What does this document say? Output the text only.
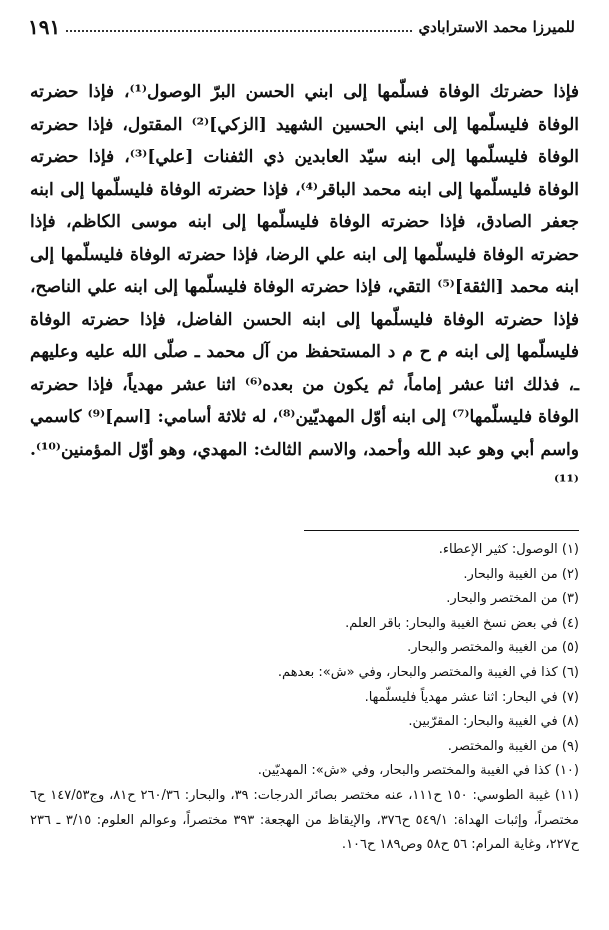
للميرزا محمد الاسترابادي
١٩١

فإذا حضرتك الوفاة فسلّمها إلى ابني الحسن البرّ الوصول⁽¹⁾، فإذا حضرته الوفاة فليسلّمها إلى ابني الحسين الشهيد [الزكي]⁽²⁾ المقتول، فإذا حضرته الوفاة فليسلّمها إلى ابنه سيّد العابدين ذي الثفنات [علي]⁽³⁾، فإذا حضرته الوفاة فليسلّمها إلى ابنه محمد الباقر⁽⁴⁾، فإذا حضرته الوفاة فليسلّمها إلى ابنه جعفر الصادق، فإذا حضرته الوفاة فليسلّمها إلى ابنه موسى الكاظم، فإذا حضرته الوفاة فليسلّمها إلى ابنه علي الرضا، فإذا حضرته الوفاة فليسلّمها إلى ابنه محمد [الثقة]⁽⁵⁾ التقي، فإذا حضرته الوفاة فليسلّمها إلى ابنه علي الناصح، فإذا حضرته الوفاة فليسلّمها إلى ابنه الحسن الفاضل، فإذا حضرته الوفاة فليسلّمها إلى ابنه م ح م د المستحفظ من آل محمد ـ صلّى الله عليه وعليهم ـ، فذلك اثنا عشر إماماً، ثم يكون من بعده⁽⁶⁾ اثنا عشر مهدياً، فإذا حضرته الوفاة فليسلّمها⁽⁷⁾ إلى ابنه أوّل المهديّين⁽⁸⁾، له ثلاثة أسامي: [اسم]⁽⁹⁾ كاسمي واسم أبي وهو عبد الله وأحمد، والاسم الثالث: المهدي، وهو أوّل المؤمنين⁽¹⁰⁾.⁽¹¹⁾

(١) الوصول: كثير الإعطاء.

(٢) من الغيبة والبحار.

(٣) من المختصر والبحار.

(٤) في بعض نسخ الغيبة والبحار: باقر العلم.

(٥) من الغيبة والمختصر والبحار.

(٦) كذا في الغيبة والمختصر والبحار، وفي «ش»: بعدهم.

(٧) في البحار: اثنا عشر مهدياً فليسلّمها.

(٨) في الغيبة والبحار: المقرّبين.

(٩) من الغيبة والمختصر.

(١٠) كذا في الغيبة والمختصر والبحار، وفي «ش»: المهديّين.

(١١) غيبة الطوسي: ١٥٠ ح١١١، عنه مختصر بصائر الدرجات: ٣٩، والبحار: ٢٦٠/٣٦ ح٨١، وج١٤٧/٥٣ ح٦ مختصراً، وإثبات الهداة: ٥٤٩/١ ح٣٧٦، والإيقاظ من الهجعة: ٣٩٣ مختصراً، وعوالم العلوم: ٣/١٥ ـ ٢٣٦ ح٢٢٧، وغاية المرام: ٥٦ ح٥٨ وص١٨٩ ح١٠٦.
